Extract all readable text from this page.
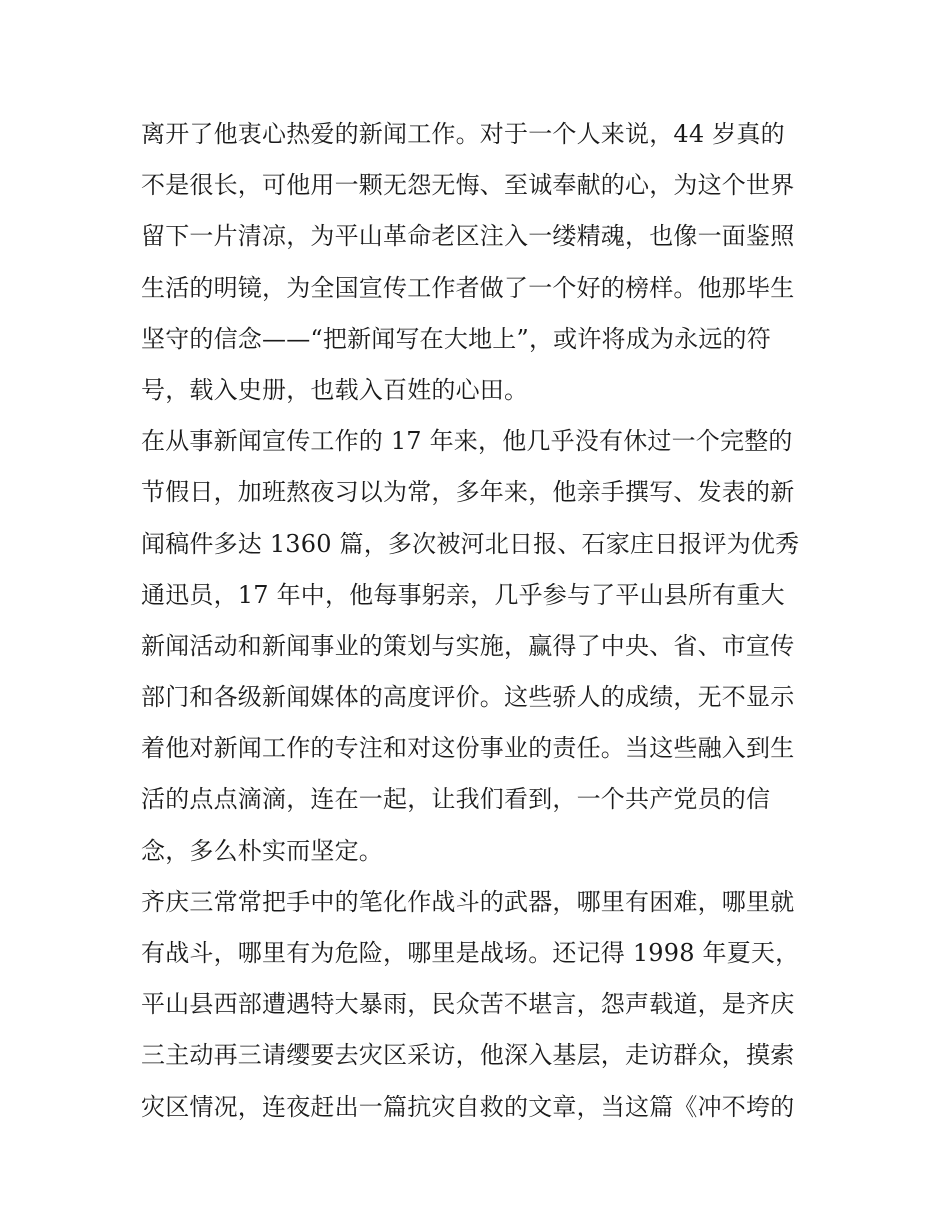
离开了他衷心热爱的新闻工作。对于一个人来说，44 岁真的
不是很长，可他用一颗无怨无悔、至诚奉献的心，为这个世界
留下一片清凉，为平山革命老区注入一缕精魂，也像一面鉴照
生活的明镜，为全国宣传工作者做了一个好的榜样。他那毕生
坚守的信念——“把新闻写在大地上”，或许将成为永远的符
号，载入史册，也载入百姓的心田。
在从事新闻宣传工作的 17 年来，他几乎没有休过一个完整的
节假日，加班熬夜习以为常，多年来，他亲手撰写、发表的新
闻稿件多达 1360 篇，多次被河北日报、石家庄日报评为优秀
通迅员，17 年中，他每事躬亲，几乎参与了平山县所有重大
新闻活动和新闻事业的策划与实施，赢得了中央、省、市宣传
部门和各级新闻媒体的高度评价。这些骄人的成绩，无不显示
着他对新闻工作的专注和对这份事业的责任。当这些融入到生
活的点点滴滴，连在一起，让我们看到，一个共产党员的信
念，多么朴实而坚定。
齐庆三常常把手中的笔化作战斗的武器，哪里有困难，哪里就
有战斗，哪里有为危险，哪里是战场。还记得 1998 年夏天，
平山县西部遭遇特大暴雨，民众苦不堪言，怨声载道，是齐庆
三主动再三请缨要去灾区采访，他深入基层，走访群众，摸索
灾区情况，连夜赶出一篇抗灾自救的文章，当这篇《冲不垮的
